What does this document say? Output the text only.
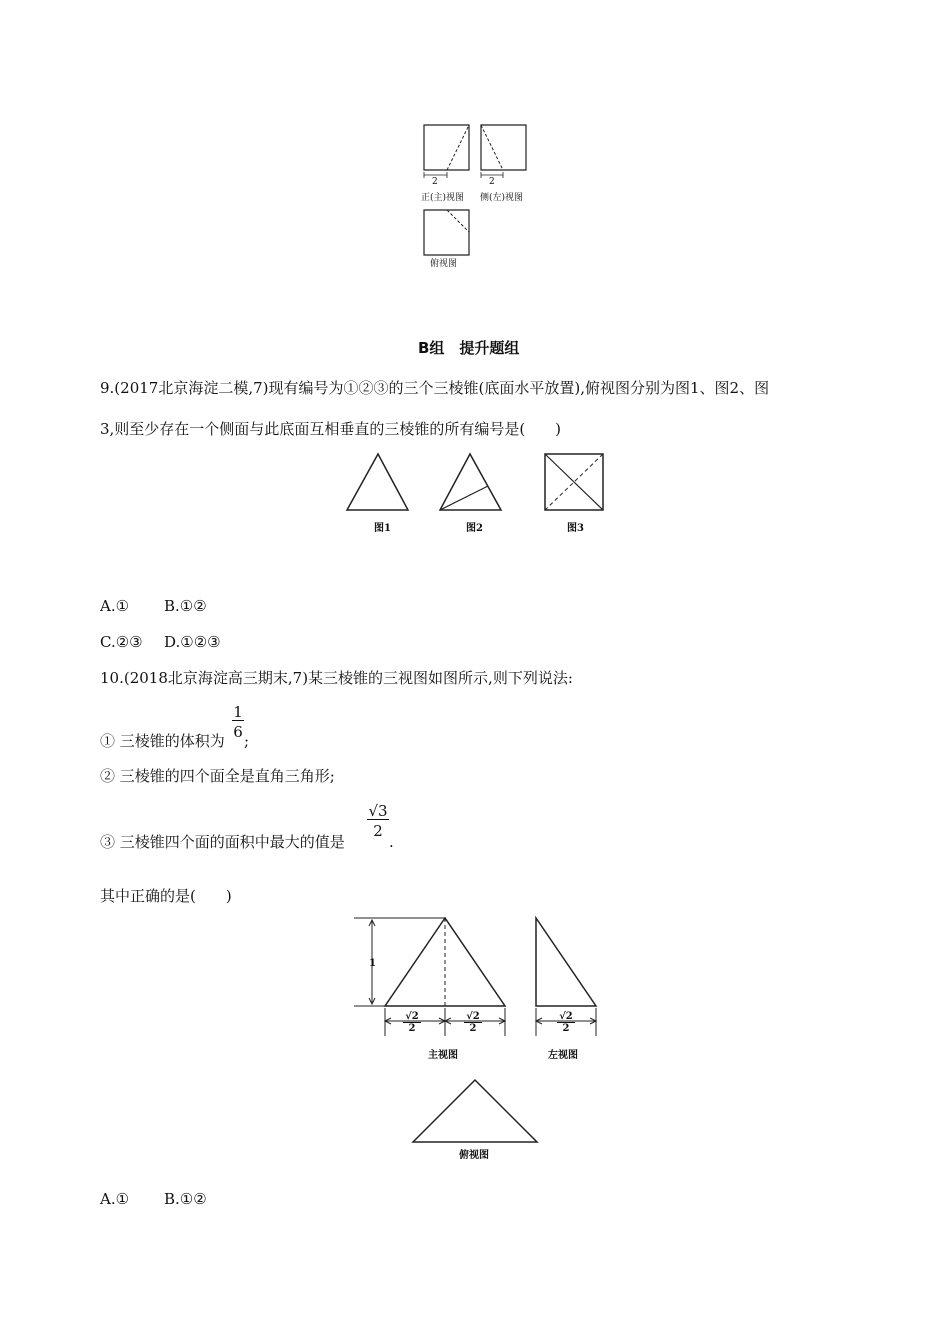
2	2
正(主)视图 侧(左)视图
俯视图
B组　提升题组
9.(2017北京海淀二模,7)现有编号为①②③的三个三棱锥(底面水平放置),俯视图分别为图1、图2、图
3,则至少存在一个侧面与此底面互相垂直的三棱锥的所有编号是(　　)
图1	图2	图3
A.① B.①②
C.②③ D.①②③
10.(2018北京海淀高三期末,7)某三棱锥的三视图如图所示,则下列说法:
① 三棱锥的体积为
1
6 ;
② 三棱锥的四个面全是直角三角形;
③ 三棱锥四个面的面积中最大的值是
√3
2
.
其中正确的是(　　)
1
√2
2
√2
2
√2
2
主视图	左视图
俯视图
A.① B.①②
